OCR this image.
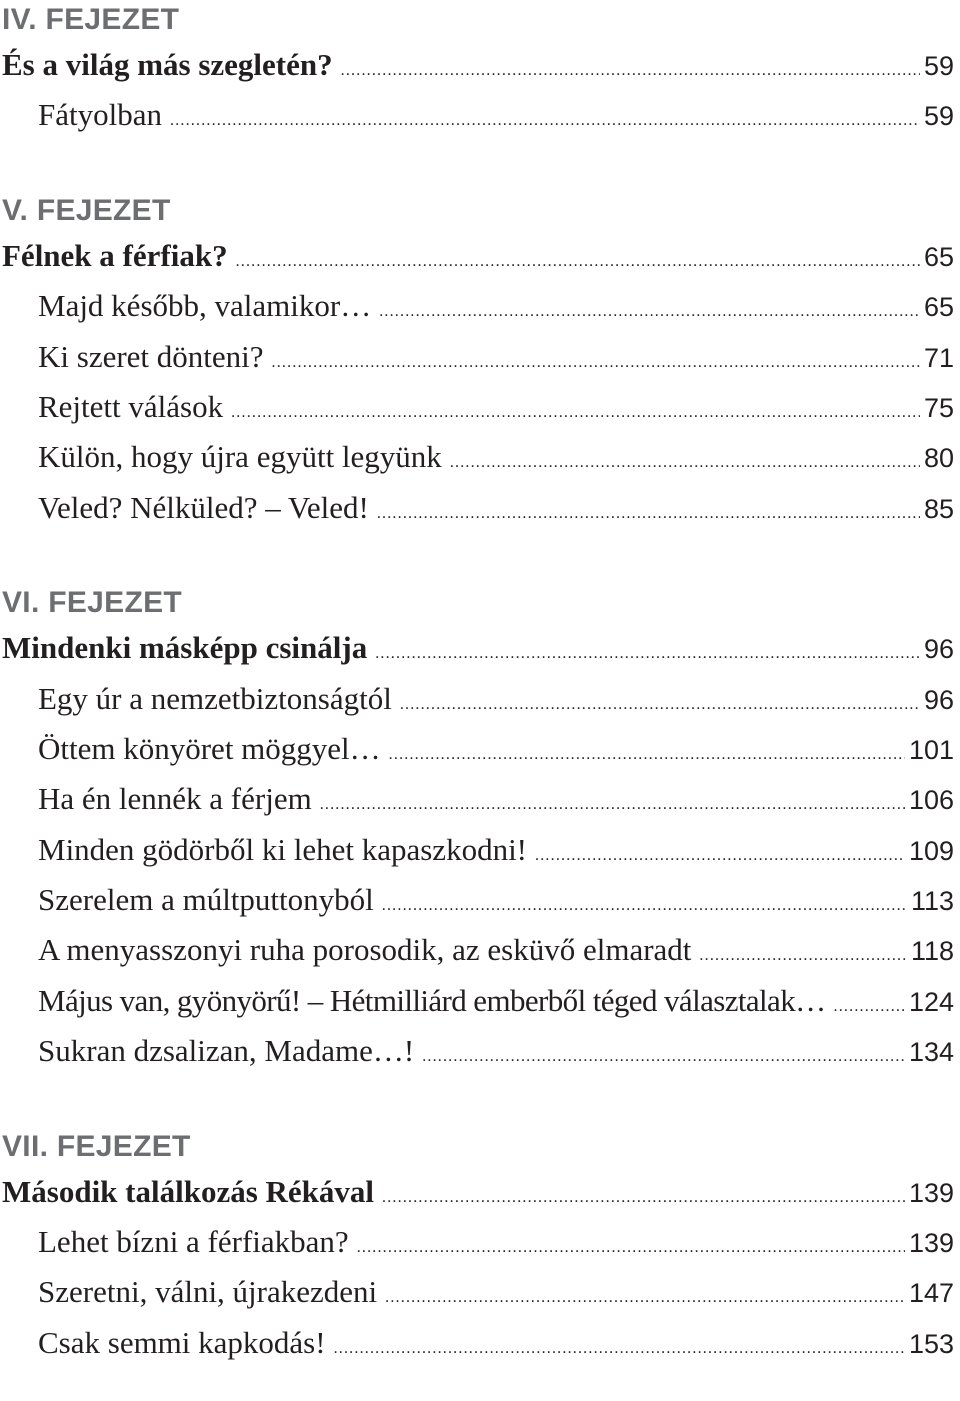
IV. FEJEZET
És a világ más szegletén? .....	59
Fátyolban .....	59
V. FEJEZET
Félnek a férfiak? .....	65
Majd később, valamikor… .....	65
Ki szeret dönteni? .....	71
Rejtett válások .....	75
Külön, hogy újra együtt legyünk .....	80
Veled? Nélküled? – Veled! .....	85
VI. FEJEZET
Mindenki másképp csinálja .....	96
Egy úr a nemzetbiztonságtól .....	96
Öttem könyöret möggyel… .....	101
Ha én lennék a férjem .....	106
Minden gödörből ki lehet kapaszkodni! .....	109
Szerelem a múltputtonyból .....	113
A menyasszonyi ruha porosodik, az esküvő elmaradt .....	118
Május van, gyönyörű! – Hétmilliárd emberből téged választalak… .....	124
Sukran dzsalizan, Madame…! .....	134
VII. FEJEZET
Második találkozás Rékával .....	139
Lehet bízni a férfiakban? .....	139
Szeretni, válni, újrakezdeni .....	147
Csak semmi kapkodás! .....	153
